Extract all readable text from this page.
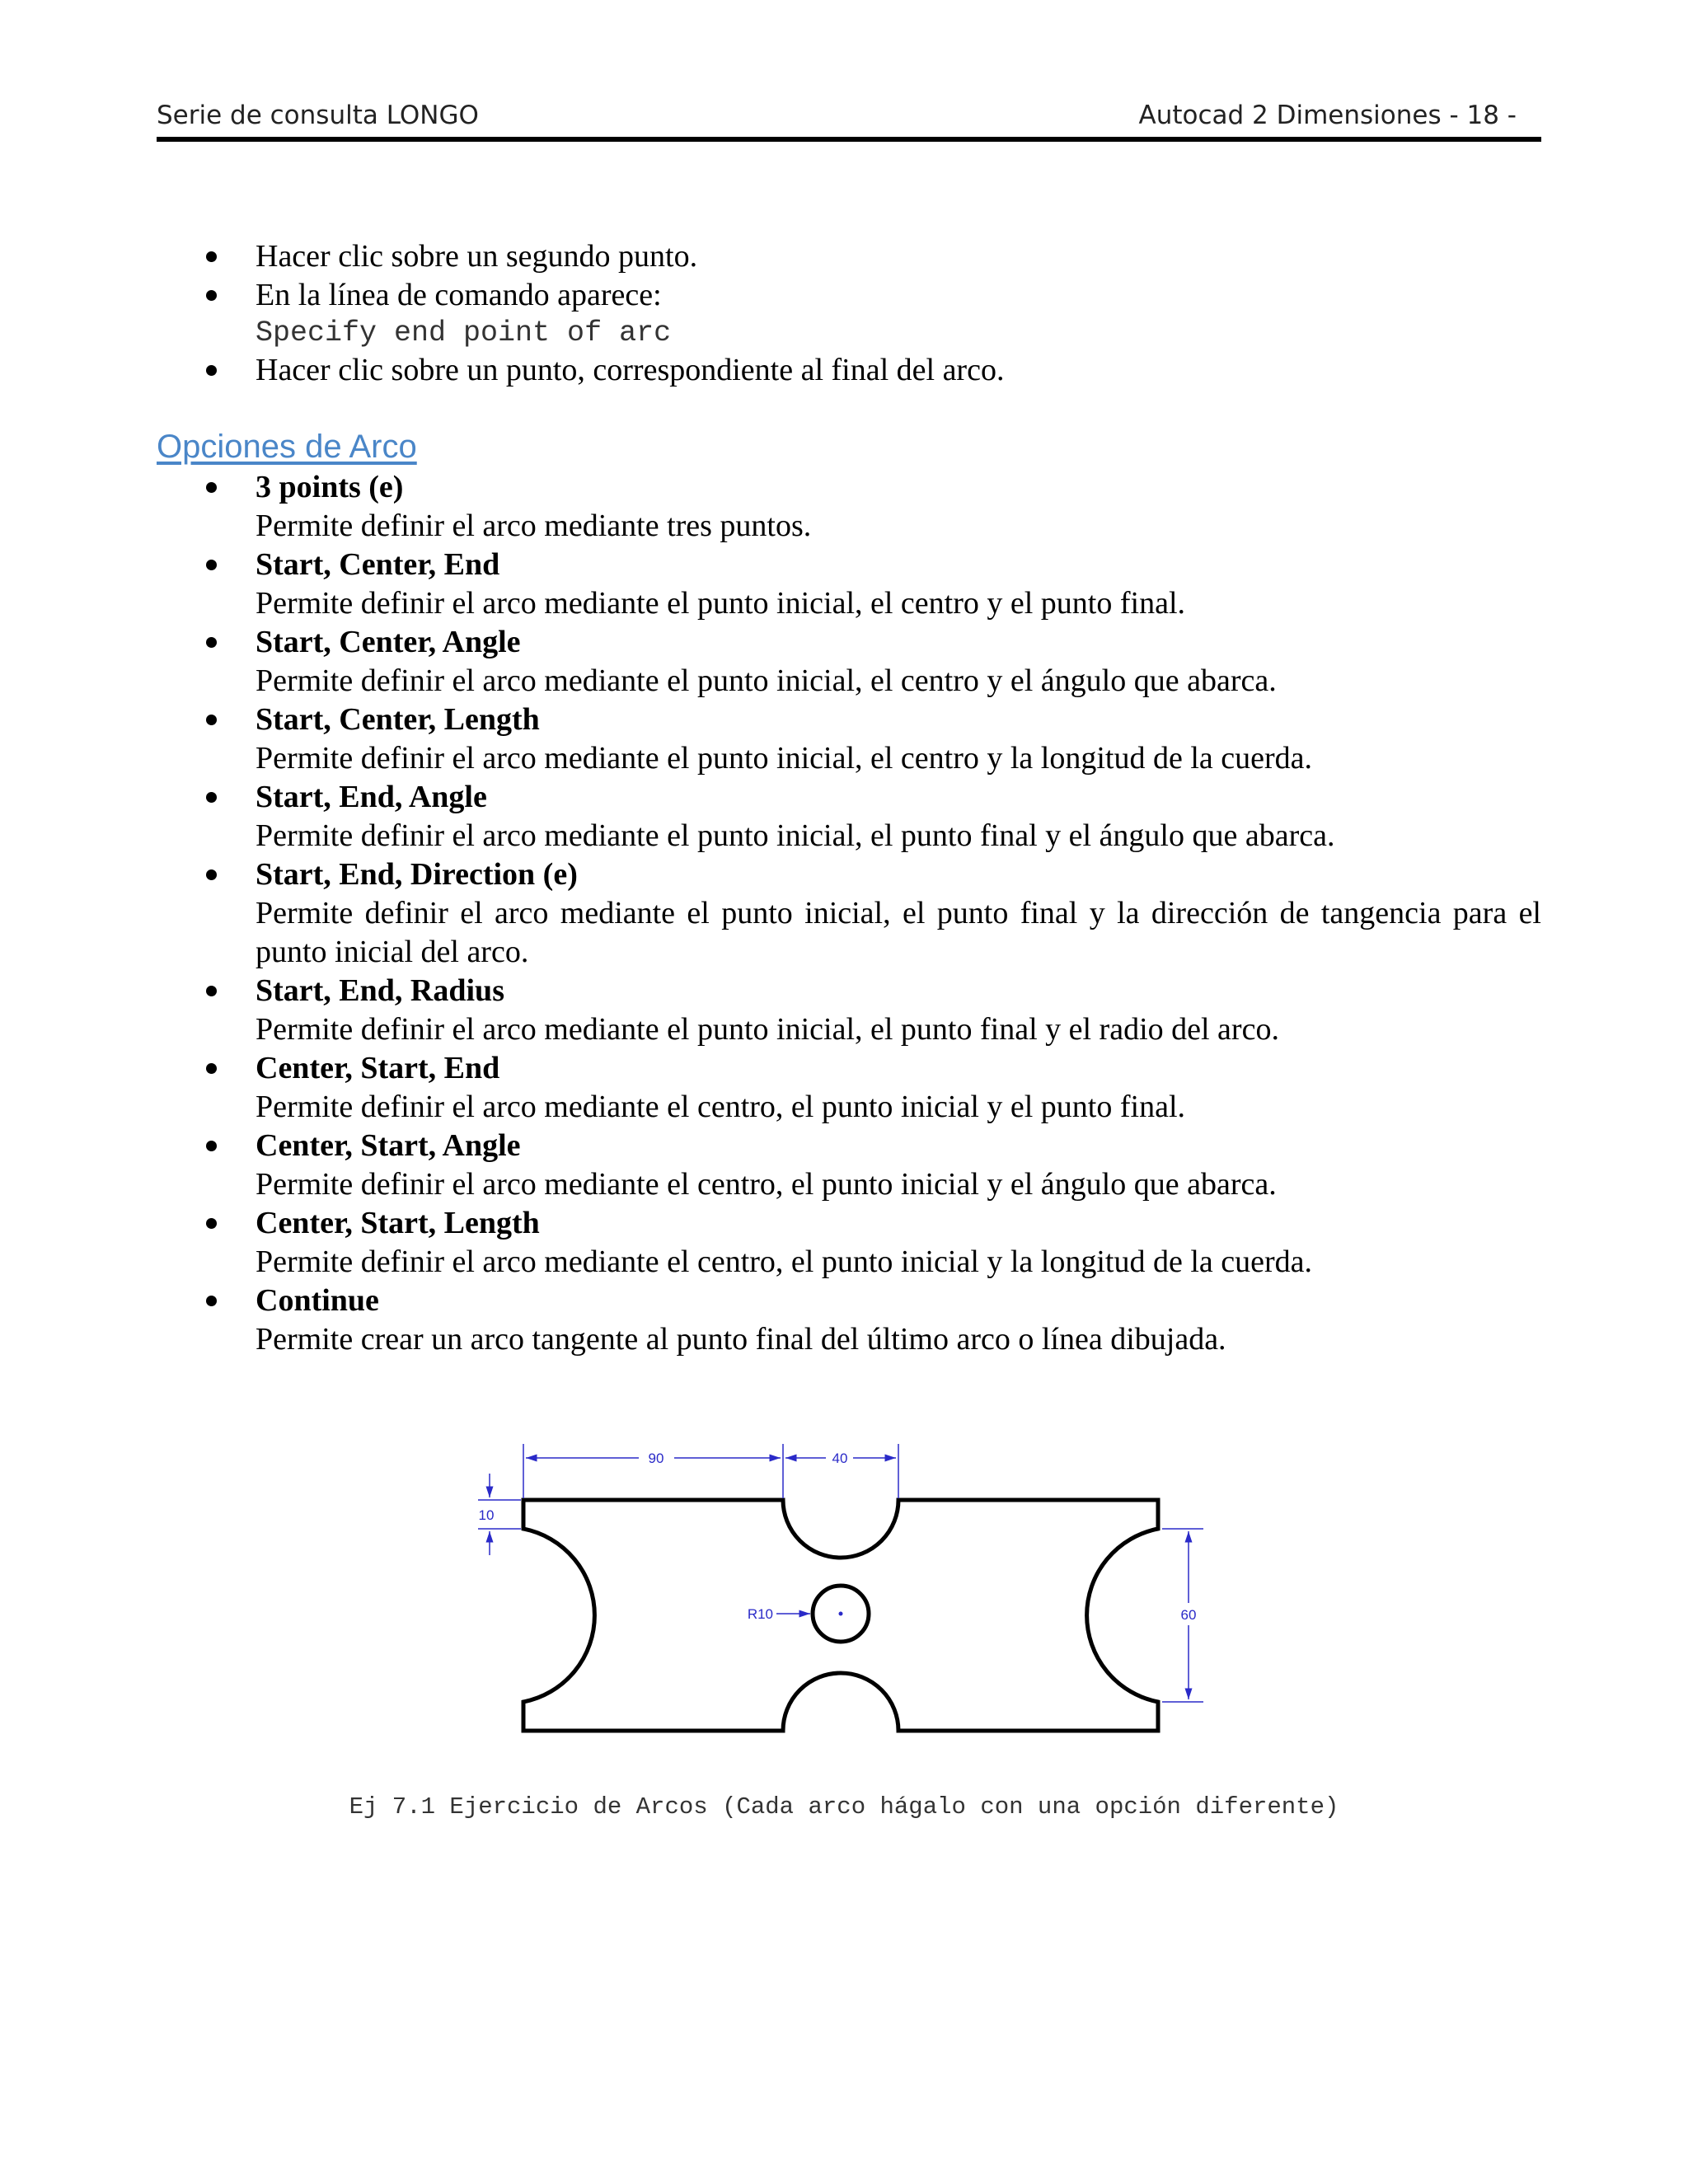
Serie de consulta LONGO	Autocad 2 Dimensiones - 18 -
Hacer clic sobre un segundo punto.
En la línea de comando aparece:
Specify end point of arc
Hacer clic sobre un punto, correspondiente al final del arco.
Opciones de Arco
3 points (e)
Permite definir el arco mediante tres puntos.
Start, Center, End
Permite definir el arco mediante el punto inicial, el centro y el punto final.
Start, Center, Angle
Permite definir el arco mediante el punto inicial, el centro y el ángulo que abarca.
Start, Center, Length
Permite definir el arco mediante el punto inicial, el centro y la longitud de la cuerda.
Start, End, Angle
Permite definir el arco mediante el punto inicial, el punto final y el ángulo que abarca.
Start, End, Direction (e)
Permite definir el arco mediante el punto inicial, el punto final y la dirección de tangencia para el punto inicial del arco.
Start, End, Radius
Permite definir el arco mediante el punto inicial, el punto final y el radio del arco.
Center, Start, End
Permite definir el arco mediante el centro, el punto inicial y el punto final.
Center, Start, Angle
Permite definir el arco mediante el centro, el punto inicial y el ángulo que abarca.
Center, Start, Length
Permite definir el arco mediante el centro, el punto inicial y la longitud de la cuerda.
Continue
Permite crear un arco tangente al punto final del último arco o línea dibujada.
90	40
10
60
R10
Ej 7.1 Ejercicio de Arcos (Cada arco hágalo con una opción diferente)
